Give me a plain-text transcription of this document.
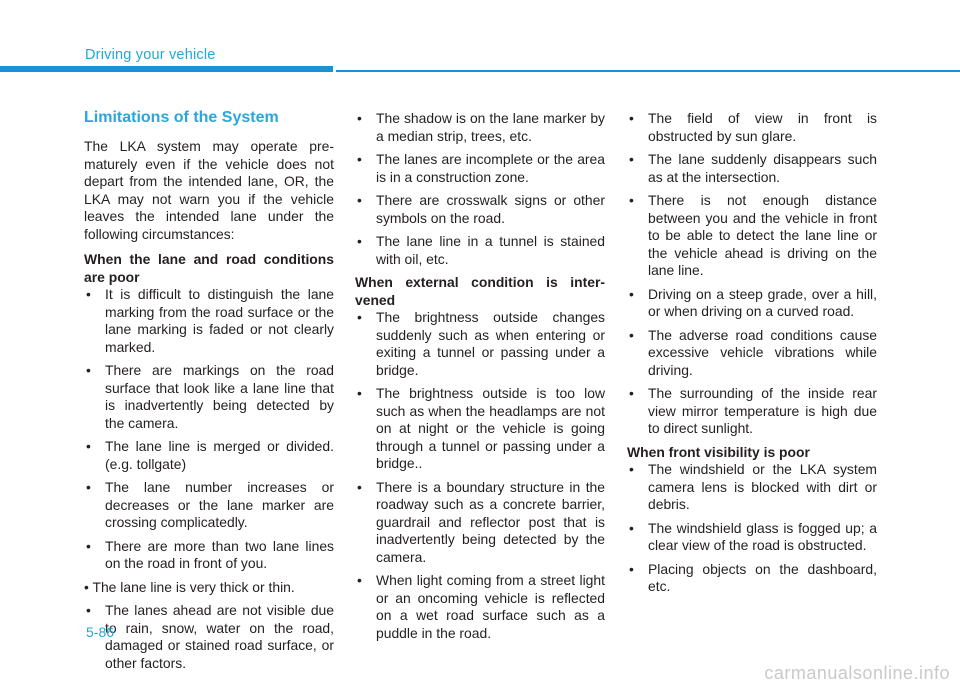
Driving your vehicle
Limitations of the System

The LKA system may operate prematurely even if the vehicle does not depart from the intended lane, OR, the LKA may not warn you if the vehicle leaves the intended lane under the following circumstances:

When the lane and road conditions are poor

• It is difficult to distinguish the lane marking from the road surface or the lane marking is faded or not clearly marked.
• There are markings on the road surface that look like a lane line that is inadvertently being detected by the camera.
• The lane line is merged or divided. (e.g. tollgate)
• The lane number increases or decreases or the lane marker are crossing complicatedly.
• There are more than two lane lines on the road in front of you.
• The lane line is very thick or thin.
• The lanes ahead are not visible due to rain, snow, water on the road, damaged or stained road surface, or other factors.
• The shadow is on the lane marker by a median strip, trees, etc.
• The lanes are incomplete or the area is in a construction zone.
• There are crosswalk signs or other symbols on the road.
• The lane line in a tunnel is stained with oil, etc.

When external condition is intervened

• The brightness outside changes suddenly such as when entering or exiting a tunnel or passing under a bridge.
• The brightness outside is too low such as when the headlamps are not on at night or the vehicle is going through a tunnel or passing under a bridge..
• There is a boundary structure in the roadway such as a concrete barrier, guardrail and reflector post that is inadvertently being detected by the camera.
• When light coming from a street light or an oncoming vehicle is reflected on a wet road surface such as a puddle in the road.
• The field of view in front is obstructed by sun glare.
• The lane suddenly disappears such as at the intersection.
• There is not enough distance between you and the vehicle in front to be able to detect the lane line or the vehicle ahead is driving on the lane line.
• Driving on a steep grade, over a hill, or when driving on a curved road.
• The adverse road conditions cause excessive vehicle vibrations while driving.
• The surrounding of the inside rear view mirror temperature is high due to direct sunlight.

When front visibility is poor

• The windshield or the LKA system camera lens is blocked with dirt or debris.
• The windshield glass is fogged up; a clear view of the road is obstructed.
• Placing objects on the dashboard, etc.
5-86
carmanualsonline.info
